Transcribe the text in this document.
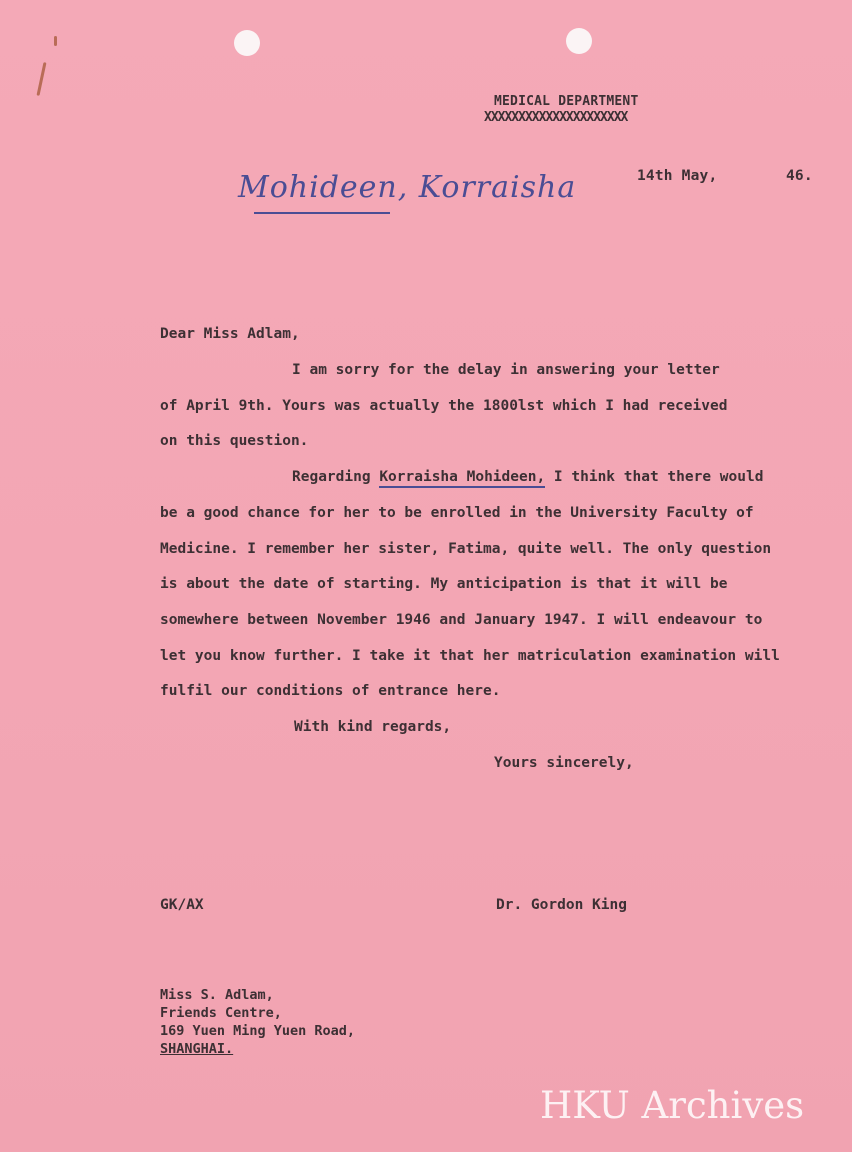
MEDICAL DEPARTMENT
XXXXXXXXXXXXXXXXXXXXX
14th May,	46.
Mohideen, Korraisha
Dear Miss Adlam,
I am sorry for the delay in answering your letter
of April 9th. Yours was actually the 1800lst which I had received
on this question.
Regarding Korraisha Mohideen, I think that there would
be a good chance for her to be enrolled in the University Faculty of
Medicine. I remember her sister, Fatima, quite well. The only question
is about the date of starting. My anticipation is that it will be
somewhere between November 1946 and January 1947. I will endeavour to
let you know further. I take it that her matriculation examination will
fulfil our conditions of entrance here.
With kind regards,
Yours sincerely,
GK/AX	Dr. Gordon King
Miss S. Adlam,
Friends Centre,
169 Yuen Ming Yuen Road,
SHANGHAI.
HKU Archives
